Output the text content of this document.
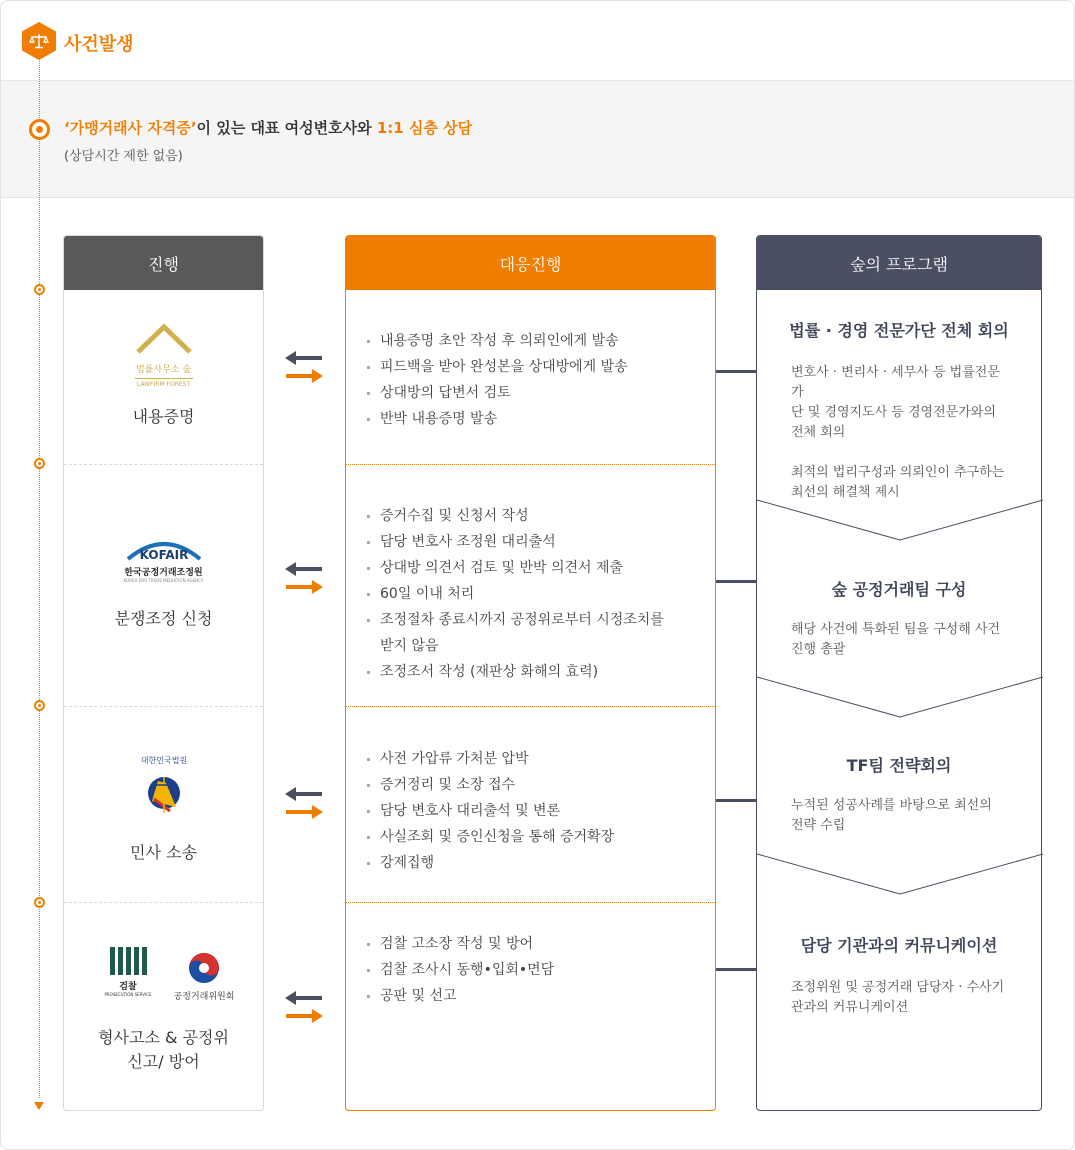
사건발생
‘가맹거래사 자격증’이 있는 대표 여성변호사와 1:1 심층 상담
(상담시간 제한 없음)
진행
법률사무소 숲
LAWFIRM FOREST
내용증명
KOFAIR
한국공정거래조정원
KOREA FAIR TRADE MEDIATION AGENCY
분쟁조정 신청
대한민국법원
민사 소송
검찰
PROSECUTION SERVICE	공정거래위원회
형사고소 & 공정위
신고/ 방어
대응진행
내용증명 초안 작성 후 의뢰인에게 발송
피드백을 받아 완성본을 상대방에게 발송
상대방의 답변서 검토
반박 내용증명 발송
증거수집 및 신청서 작성
담당 변호사 조정원 대리출석
상대방 의견서 검토 및 반박 의견서 제출
60일 이내 처리
조정절차 종료시까지 공정위로부터 시정조치를
받지 않음
조정조서 작성 (재판상 화해의 효력)
사전 가압류 가처분 압박
증거정리 및 소장 접수
담당 변호사 대리출석 및 변론
사실조회 및 증인신청을 통해 증거확장
강제집행
검찰 고소장 작성 및 방어
검찰 조사시 동행•입회•면담
공판 및 선고
숲의 프로그램
법률 · 경영 전문가단 전체 회의
변호사 · 변리사 · 세무사 등 법률전문가
단 및 경영지도사 등 경영전문가와의
전체 회의
최적의 법리구성과 의뢰인이 추구하는
최선의 해결책 제시
숲 공정거래팀 구성
해당 사건에 특화된 팀을 구성해 사건
진행 총괄
TF팀 전략회의
누적된 성공사례를 바탕으로 최선의
전략 수립
담당 기관과의 커뮤니케이션
조정위원 및 공정거래 담당자 · 수사기
관과의 커뮤니케이션
